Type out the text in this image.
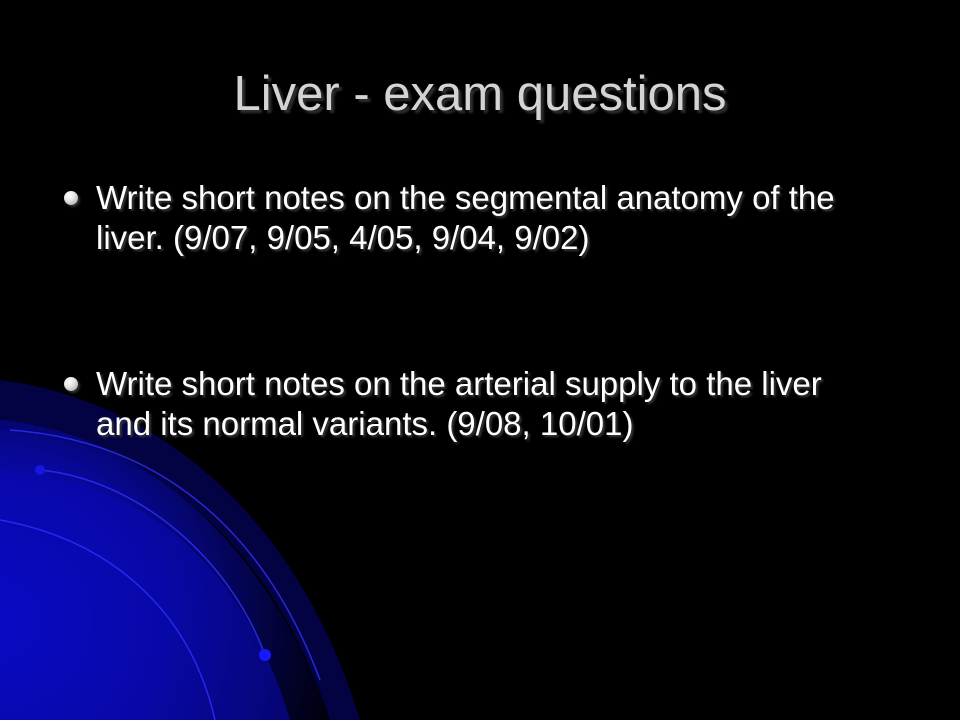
Liver - exam questions
Write short notes on the segmental anatomy of the liver. (9/07, 9/05, 4/05, 9/04, 9/02)
Write short notes on the arterial supply to the liver and its normal variants. (9/08, 10/01)
